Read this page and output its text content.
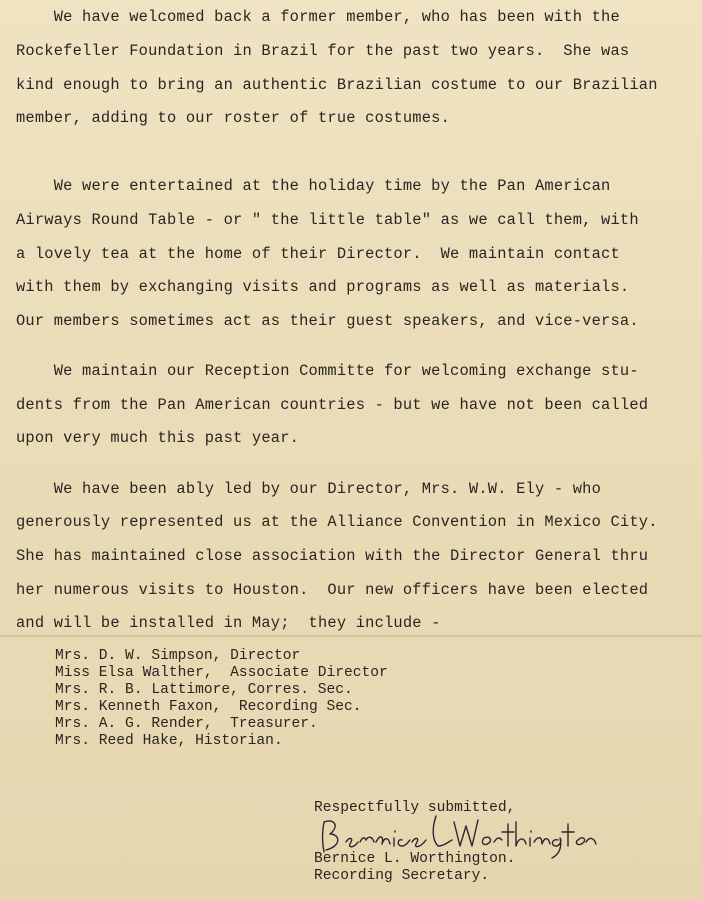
We have welcomed back a former member, who has been with the

Rockefeller Foundation in Brazil for the past two years.  She was

kind enough to bring an authentic Brazilian costume to our Brazilian

member, adding to our roster of true costumes.

We were entertained at the holiday time by the Pan American

Airways Round Table - or " the little table" as we call them, with

a lovely tea at the home of their Director.  We maintain contact

with them by exchanging visits and programs as well as materials.

Our members sometimes act as their guest speakers, and vice-versa.

We maintain our Reception Committe for welcoming exchange stu-

dents from the Pan American countries - but we have not been called

upon very much this past year.

We have been ably led by our Director, Mrs. W.W. Ely - who

generously represented us at the Alliance Convention in Mexico City.

She has maintained close association with the Director General thru

her numerous visits to Houston.  Our new officers have been elected

and will be installed in May;  they include -

Mrs. D. W. Simpson, Director

Miss Elsa Walther,  Associate Director

Mrs. R. B. Lattimore, Corres. Sec.

Mrs. Kenneth Faxon,  Recording Sec.

Mrs. A. G. Render,  Treasurer.

Mrs. Reed Hake, Historian.

Respectfully submitted,

Bernice L. Worthington.

Recording Secretary.
